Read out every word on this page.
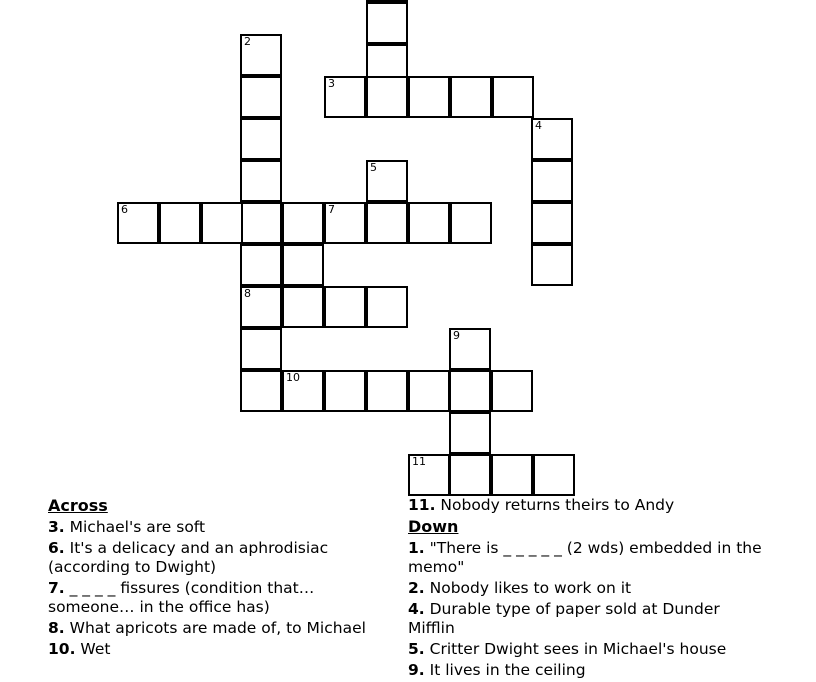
2
3
4
5
6	7
8
9
10
11
Across
3. Michael's are soft
6. It's a delicacy and an aphrodisiac (according to Dwight)
7. _ _ _ _ fissures (condition that…someone… in the office has)
8. What apricots are made of, to Michael
10. Wet
11. Nobody returns theirs to Andy
Down
1. "There is _ _ _ _ _ (2 wds) embedded in the memo"
2. Nobody likes to work on it
4. Durable type of paper sold at Dunder Mifflin
5. Critter Dwight sees in Michael's house
9. It lives in the ceiling
